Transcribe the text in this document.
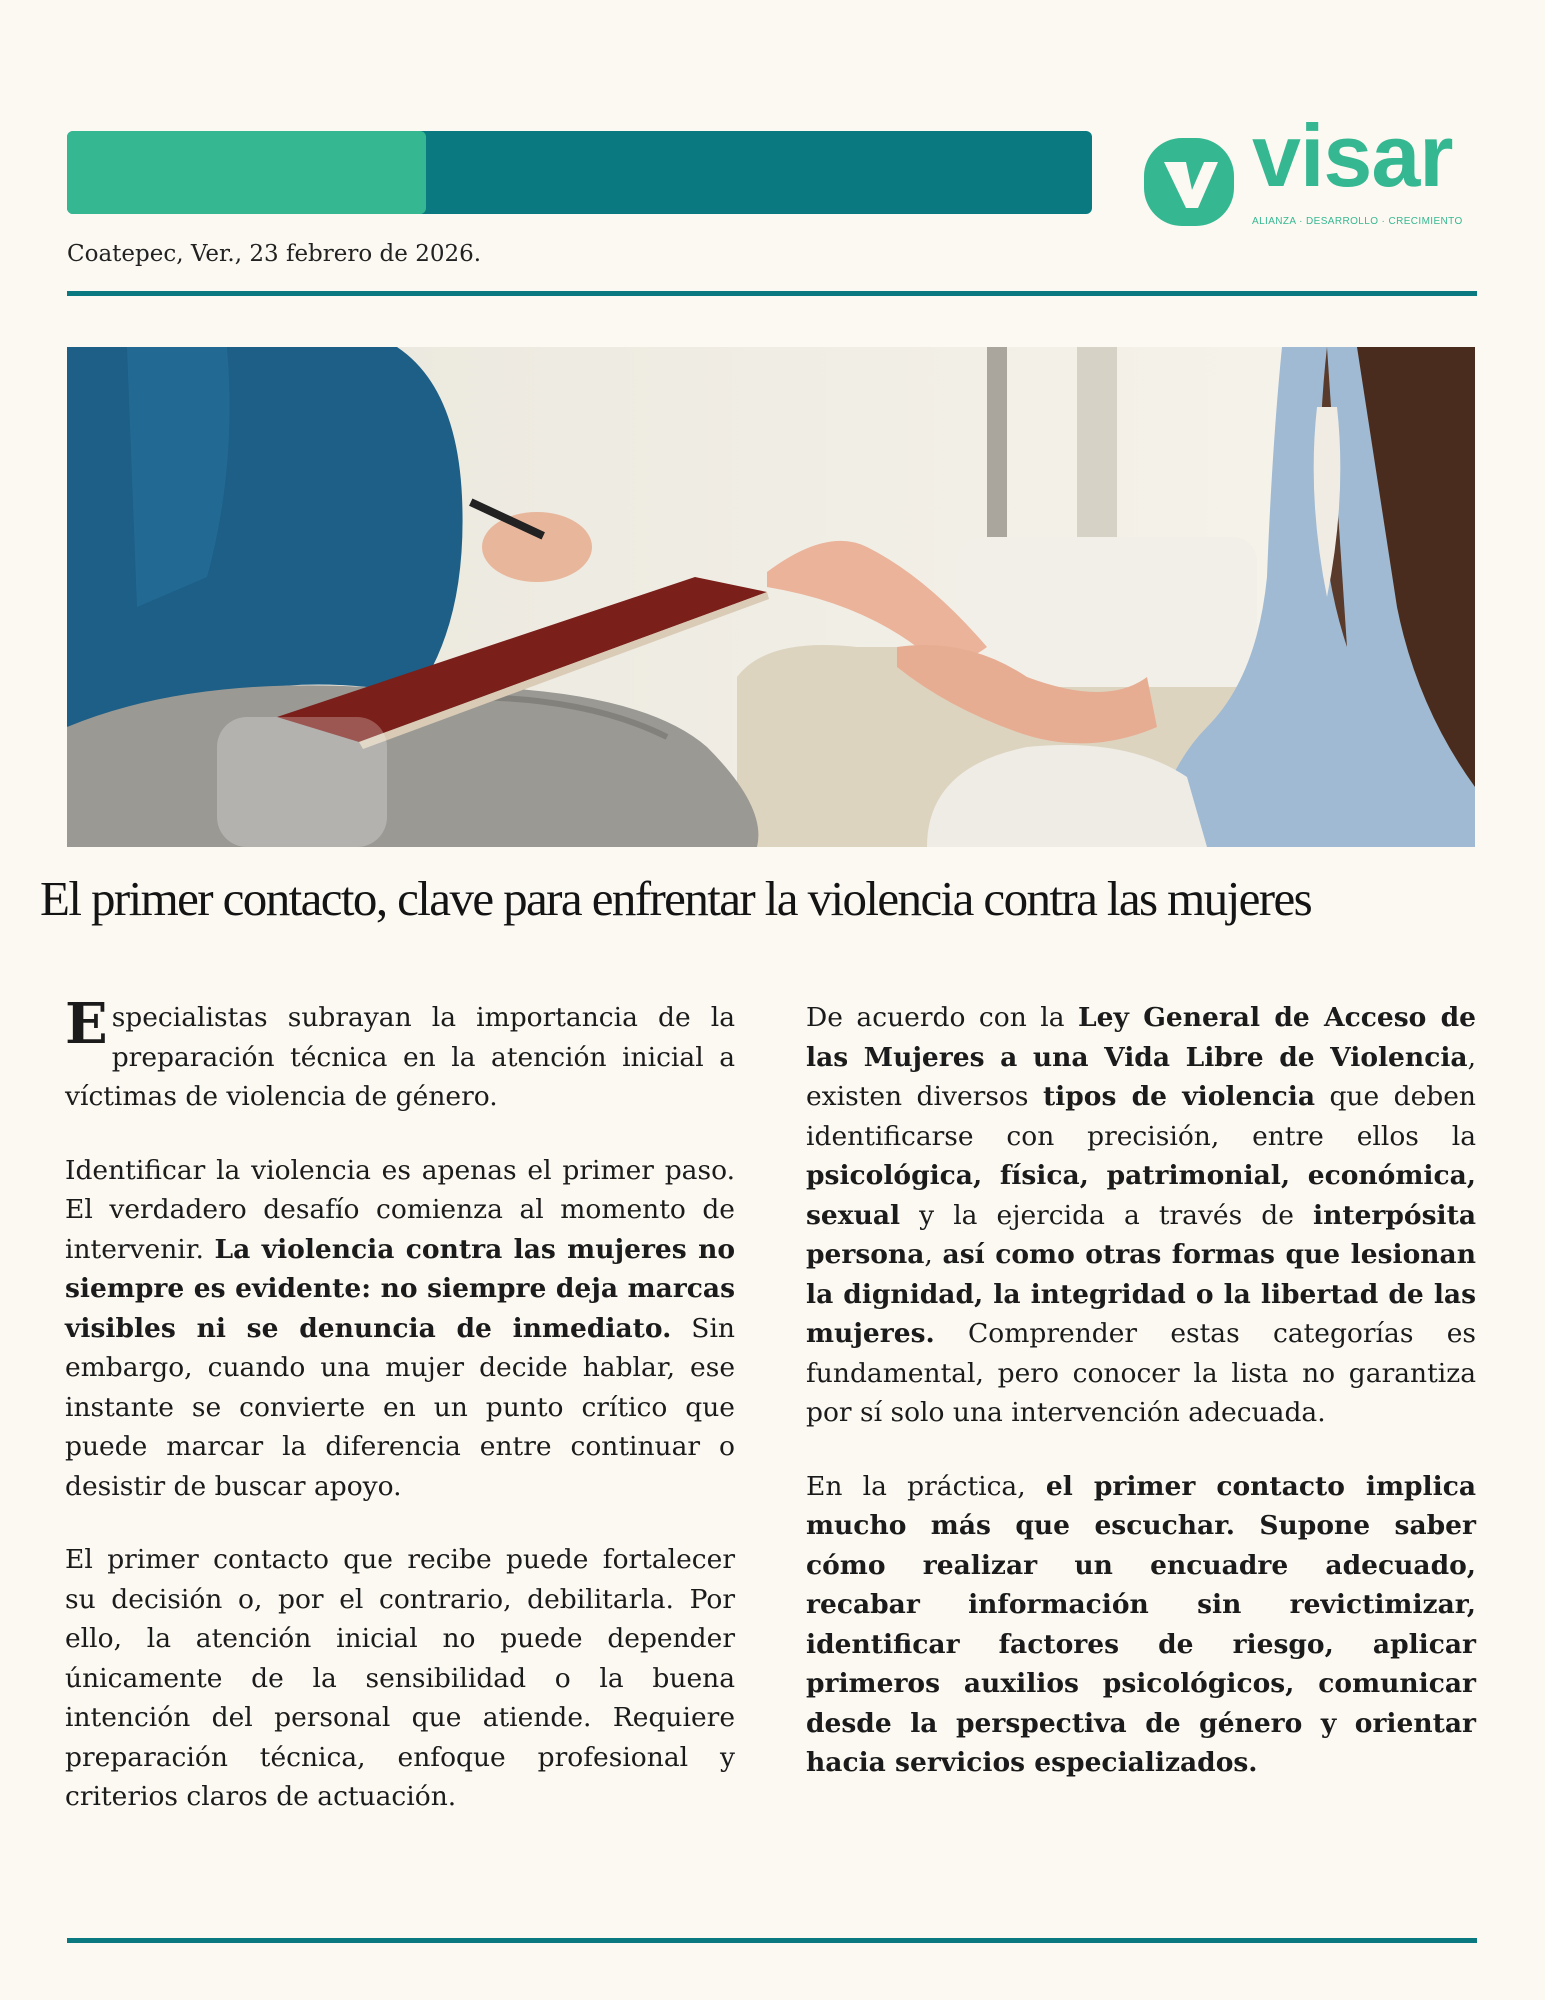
visar
ALIANZA · DESARROLLO · CRECIMIENTO
Coatepec, Ver., 23 febrero de 2026.
El primer contacto, clave para enfrentar la violencia contra las mujeres

Especialistas subrayan la importancia de la preparación técnica en la atención inicial a víctimas de violencia de género.

Identificar la violencia es apenas el primer paso. El verdadero desafío comienza al momento de intervenir. La violencia contra las mujeres no siempre es evidente: no siempre deja marcas visibles ni se denuncia de inmediato. Sin embargo, cuando una mujer decide hablar, ese instante se convierte en un punto crítico que puede marcar la diferencia entre continuar o desistir de buscar apoyo.

El primer contacto que recibe puede fortalecer su decisión o, por el contrario, debilitarla. Por ello, la atención inicial no puede depender únicamente de la sensibilidad o la buena intención del personal que atiende. Requiere preparación técnica, enfoque profesional y criterios claros de actuación.

De acuerdo con la Ley General de Acceso de las Mujeres a una Vida Libre de Violencia, existen diversos tipos de violencia que deben identificarse con precisión, entre ellos la psicológica, física, patrimonial, económica, sexual y la ejercida a través de interpósita persona, así como otras formas que lesionan la dignidad, la integridad o la libertad de las mujeres. Comprender estas categorías es fundamental, pero conocer la lista no garantiza por sí solo una intervención adecuada.

En la práctica, el primer contacto implica mucho más que escuchar. Supone saber cómo realizar un encuadre adecuado, recabar información sin revictimizar, identificar factores de riesgo, aplicar primeros auxilios psicológicos, comunicar desde la perspectiva de género y orientar hacia servicios especializados.
